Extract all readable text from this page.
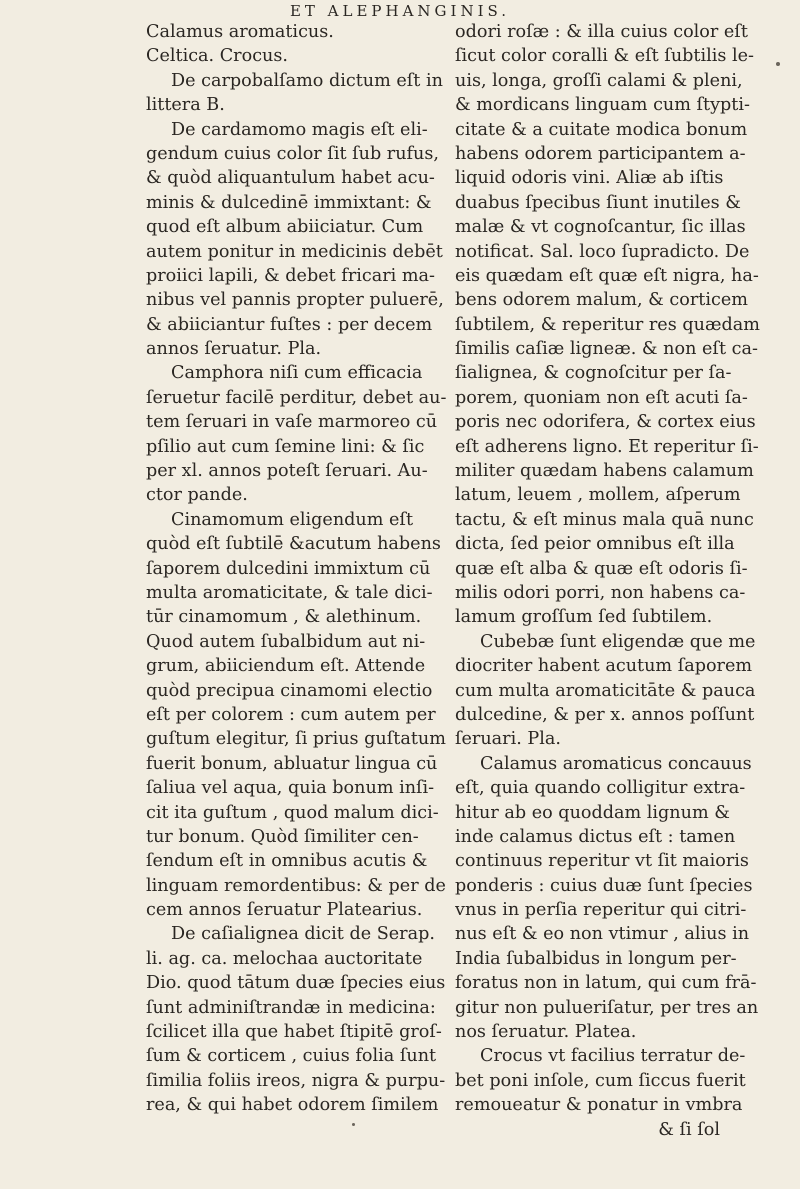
ET ALEPHANGINIS.
Calamus aromaticus.
Celtica. Crocus.
De carpobalſamo dictum eſt in
littera B.
De cardamomo magis eſt eli-
gendum cuius color ſit ſub rufus,
& quòd aliquantulum habet acu-
minis & dulcedinē immixtant: &
quod eſt album abiiciatur. Cum
autem ponitur in medicinis debēt
proiici lapili, & debet fricari ma-
nibus vel pannis propter puluerē,
& abiiciantur fuſtes : per decem
annos ſeruatur. Pla.
Camphora niſi cum efficacia
ſeruetur facilē perditur, debet au-
tem ſeruari in vaſe marmoreo cū
pſilio aut cum ſemine lini: & ſic
per xl. annos poteſt ſeruari. Au-
ctor pande.
Cinamomum eligendum eſt
quòd eſt ſubtilē &acutum habens
ſaporem dulcedini immixtum cū
multa aromaticitate, & tale dici-
tūr cinamomum , & alethinum.
Quod autem ſubalbidum aut ni-
grum, abiiciendum eſt. Attende
quòd precipua cinamomi electio
eſt per colorem : cum autem per
guſtum elegitur, ſi prius guſtatum
fuerit bonum, abluatur lingua cū
ſaliua vel aqua, quia bonum inſi-
cit ita guſtum , quod malum dici-
tur bonum. Quòd ſimiliter cen-
ſendum eſt in omnibus acutis &
linguam remordentibus: & per de
cem annos ſeruatur Platearius.
De caſialignea dicit de Serap.
li. ag. ca. melochaa auctoritate
Dio. quod tātum duæ ſpecies eius
ſunt adminiſtrandæ in medicina:
ſcilicet illa que habet ſtipitē groſ-
ſum & corticem , cuius folia ſunt
ſimilia foliis ireos, nigra & purpu-
rea, & qui habet odorem ſimilem
odori roſæ : & illa cuius color eſt
ſicut color coralli & eſt ſubtilis le-
uis, longa, groſſi calami & pleni,
& mordicans linguam cum ſtypti-
citate & a cuitate modica bonum
habens odorem participantem a-
liquid odoris vini. Aliæ ab iſtis
duabus ſpecibus ſiunt inutiles &
malæ & vt cognoſcantur, ſic illas
notificat. Sal. loco ſupradicto. De
eis quædam eſt quæ eſt nigra, ha-
bens odorem malum, & corticem
ſubtilem, & reperitur res quædam
ſimilis caſiæ ligneæ. & non eſt ca-
ſialignea, & cognoſcitur per ſa-
porem, quoniam non eſt acuti ſa-
poris nec odorifera, & cortex eius
eſt adherens ligno. Et reperitur ſi-
militer quædam habens calamum
latum, leuem , mollem, aſperum
tactu, & eſt minus mala quā nunc
dicta, ſed peior omnibus eſt illa
quæ eſt alba & quæ eſt odoris ſi-
milis odori porri, non habens ca-
lamum groſſum ſed ſubtilem.
Cubebæ ſunt eligendæ que me
diocriter habent acutum ſaporem
cum multa aromaticitāte & pauca
dulcedine, & per x. annos poſſunt
ſeruari. Pla.
Calamus aromaticus concauus
eſt, quia quando colligitur extra-
hitur ab eo quoddam lignum &
inde calamus dictus eſt : tamen
continuus reperitur vt ſit maioris
ponderis : cuius duæ ſunt ſpecies
vnus in perſia reperitur qui citri-
nus eſt & eo non vtimur , alius in
India ſubalbidus in longum per-
foratus non in latum, qui cum frā-
gitur non pulueriſatur, per tres an
nos ſeruatur. Platea.
Crocus vt facilius terratur de-
bet poni inſole, cum ſiccus fuerit
remoueatur & ponatur in vmbra
& ſi ſol
